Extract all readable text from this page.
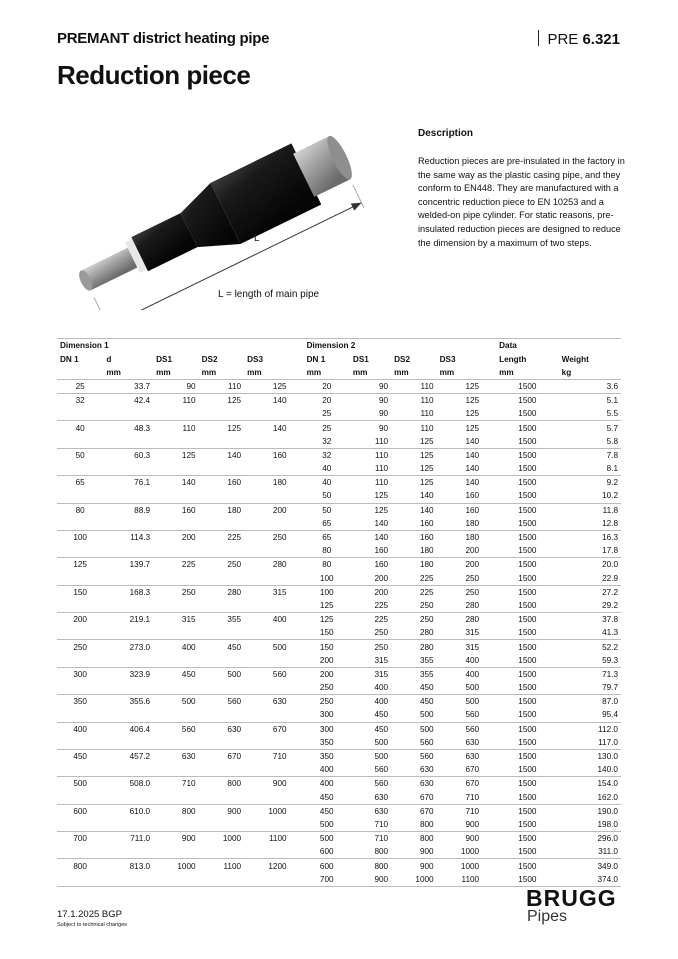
PREMANT district heating pipe	PRE 6.321
Reduction piece
L
L = length of main pipe
Description
Reduction pieces are pre-insulated in the factory in the same way as the plastic casing pipe, and they conform to EN448. They are manufactured with a concentric reduction piece to EN 10253 and a welded-on pipe cylinder. For static reasons, pre-insulated reduction pieces are designed to reduce the dimension by a maximum of two steps.
Dimension 1						Dimension 2					Data	
DN 1	d	DS1	DS2	DS3		DN 1	DS1	DS2	DS3		Length	Weight
	mm	mm	mm	mm		mm	mm	mm	mm		mm	kg
25	33.7	90	110	125		20	90	110	125		1500	3.6
32	42.4	110	125	140		20	90	110	125		1500	5.1
						25	90	110	125		1500	5.5
40	48.3	110	125	140		25	90	110	125		1500	5.7
						32	110	125	140		1500	5.8
50	60.3	125	140	160		32	110	125	140		1500	7.8
						40	110	125	140		1500	8.1
65	76.1	140	160	180		40	110	125	140		1500	9.2
						50	125	140	160		1500	10.2
80	88.9	160	180	200		50	125	140	160		1500	11.8
						65	140	160	180		1500	12.8
100	114.3	200	225	250		65	140	160	180		1500	16.3
						80	160	180	200		1500	17.8
125	139.7	225	250	280		80	160	180	200		1500	20.0
						100	200	225	250		1500	22.9
150	168.3	250	280	315		100	200	225	250		1500	27.2
						125	225	250	280		1500	29.2
200	219.1	315	355	400		125	225	250	280		1500	37.8
						150	250	280	315		1500	41.3
250	273.0	400	450	500		150	250	280	315		1500	52.2
						200	315	355	400		1500	59.3
300	323.9	450	500	560		200	315	355	400		1500	71.3
						250	400	450	500		1500	79.7
350	355.6	500	560	630		250	400	450	500		1500	87.0
						300	450	500	560		1500	95.4
400	406.4	560	630	670		300	450	500	560		1500	112.0
						350	500	560	630		1500	117.0
450	457.2	630	670	710		350	500	560	630		1500	130.0
						400	560	630	670		1500	140.0
500	508.0	710	800	900		400	560	630	670		1500	154.0
						450	630	670	710		1500	162.0
600	610.0	800	900	1000		450	630	670	710		1500	190.0
						500	710	800	900		1500	198.0
700	711.0	900	1000	1100		500	710	800	900		1500	296.0
						600	800	900	1000		1500	311.0
800	813.0	1000	1100	1200		600	800	900	1000		1500	349.0
						700	900	1000	1100		1500	374.0
17.1.2025 BGP
Subject to technical changes
BRUGG
Pipes
